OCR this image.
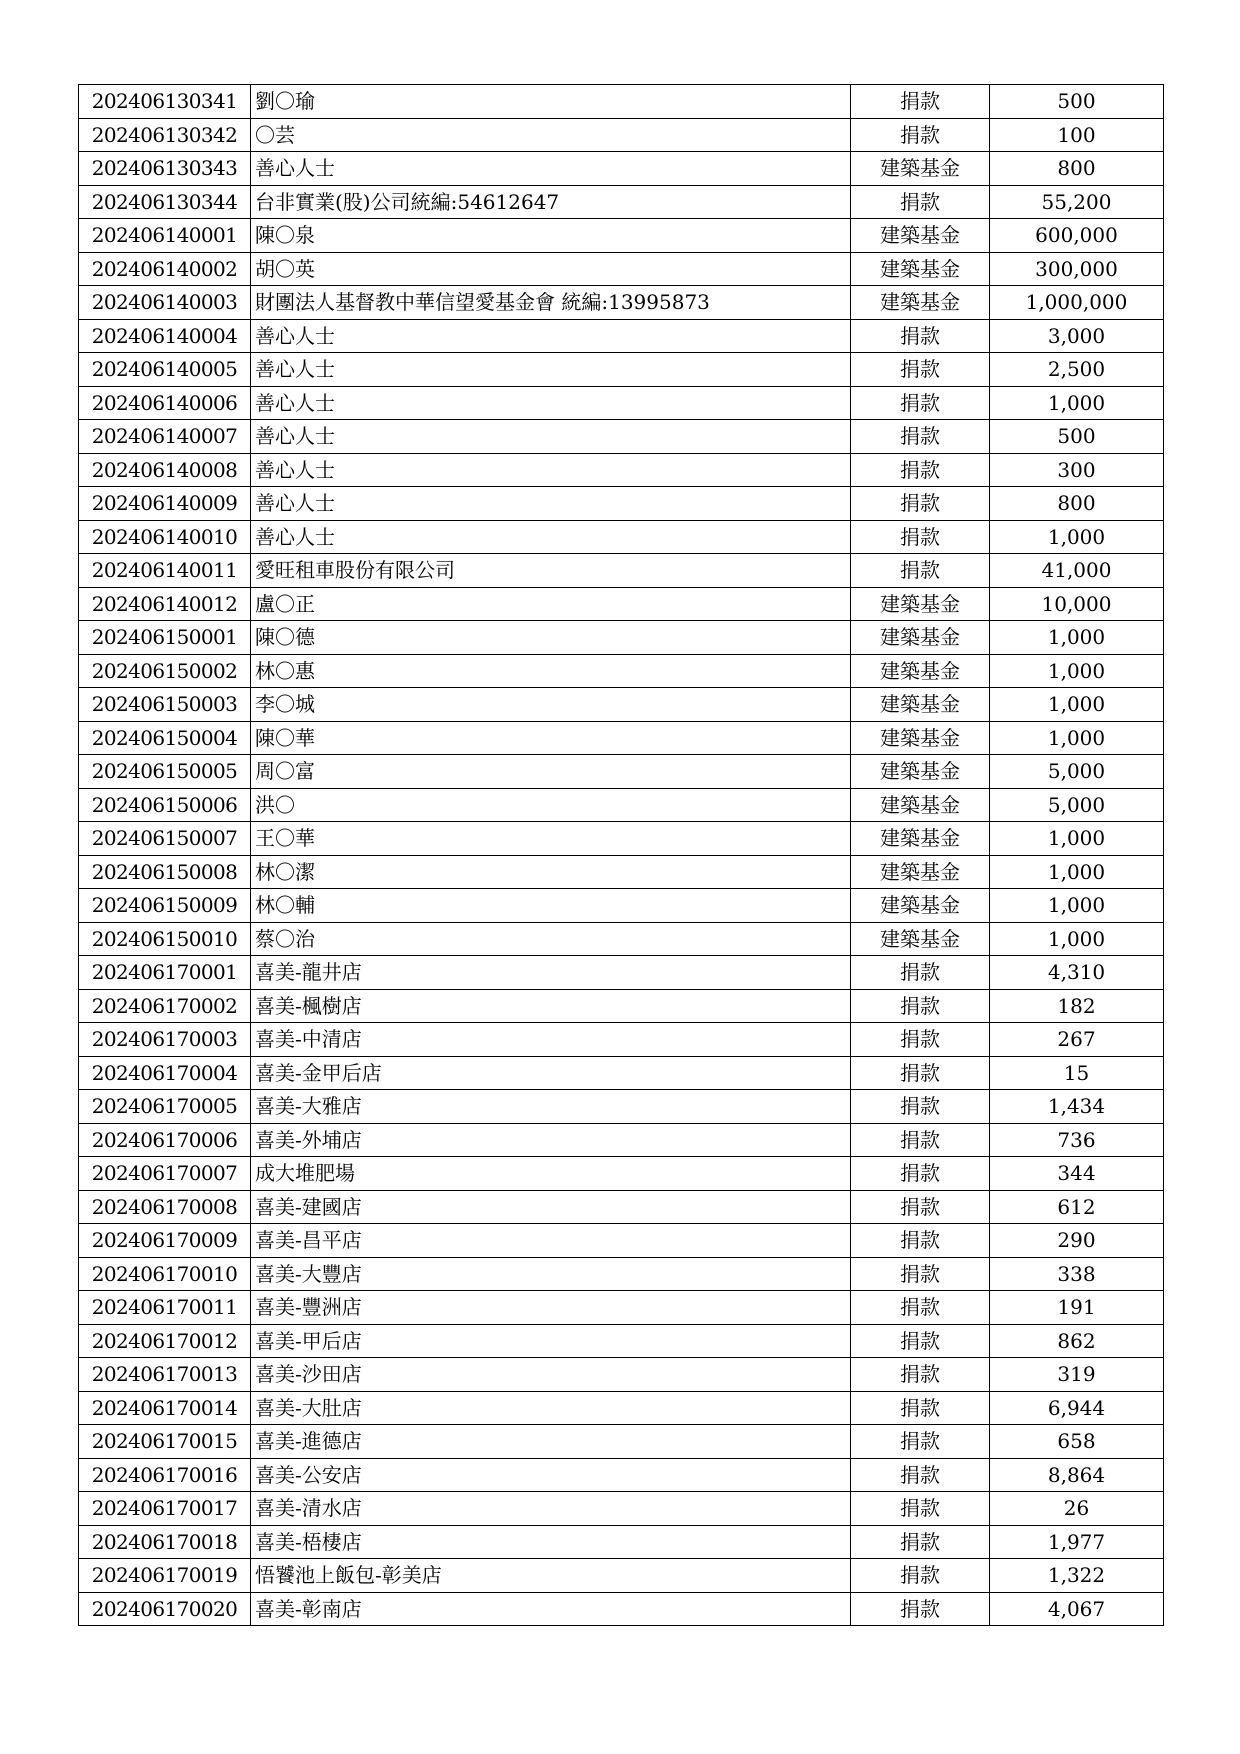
202406130341	劉〇瑜	捐款	500
202406130342	〇芸	捐款	100
202406130343	善心人士	建築基金	800
202406130344	台非實業(股)公司統編:54612647	捐款	55,200
202406140001	陳〇泉	建築基金	600,000
202406140002	胡〇英	建築基金	300,000
202406140003	財團法人基督教中華信望愛基金會 統編:13995873	建築基金	1,000,000
202406140004	善心人士	捐款	3,000
202406140005	善心人士	捐款	2,500
202406140006	善心人士	捐款	1,000
202406140007	善心人士	捐款	500
202406140008	善心人士	捐款	300
202406140009	善心人士	捐款	800
202406140010	善心人士	捐款	1,000
202406140011	愛旺租車股份有限公司	捐款	41,000
202406140012	盧〇正	建築基金	10,000
202406150001	陳〇德	建築基金	1,000
202406150002	林〇惠	建築基金	1,000
202406150003	李〇城	建築基金	1,000
202406150004	陳〇華	建築基金	1,000
202406150005	周〇富	建築基金	5,000
202406150006	洪〇	建築基金	5,000
202406150007	王〇華	建築基金	1,000
202406150008	林〇潔	建築基金	1,000
202406150009	林〇輔	建築基金	1,000
202406150010	蔡〇治	建築基金	1,000
202406170001	喜美-龍井店	捐款	4,310
202406170002	喜美-楓樹店	捐款	182
202406170003	喜美-中清店	捐款	267
202406170004	喜美-金甲后店	捐款	15
202406170005	喜美-大雅店	捐款	1,434
202406170006	喜美-外埔店	捐款	736
202406170007	成大堆肥場	捐款	344
202406170008	喜美-建國店	捐款	612
202406170009	喜美-昌平店	捐款	290
202406170010	喜美-大豐店	捐款	338
202406170011	喜美-豐洲店	捐款	191
202406170012	喜美-甲后店	捐款	862
202406170013	喜美-沙田店	捐款	319
202406170014	喜美-大肚店	捐款	6,944
202406170015	喜美-進德店	捐款	658
202406170016	喜美-公安店	捐款	8,864
202406170017	喜美-清水店	捐款	26
202406170018	喜美-梧棲店	捐款	1,977
202406170019	悟饕池上飯包-彰美店	捐款	1,322
202406170020	喜美-彰南店	捐款	4,067
